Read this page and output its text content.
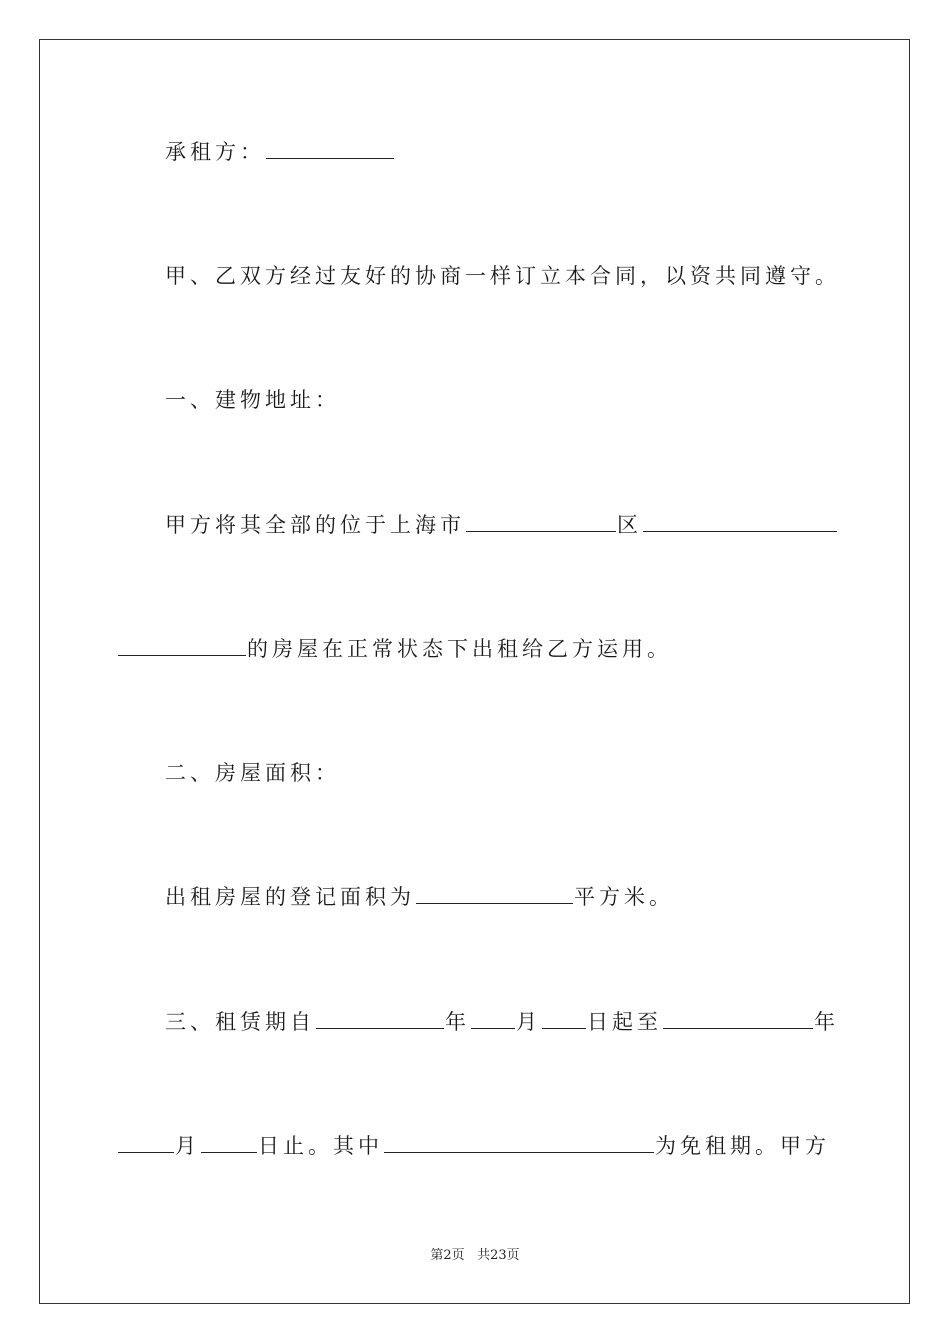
承租方：
甲、乙双方经过友好的协商一样订立本合同，以资共同遵守。
一、建物地址：
甲方将其全部的位于上海市	区
的房屋在正常状态下出租给乙方运用。
二、房屋面积：
出租房屋的登记面积为	平方米。
三、租赁期自	年 月 日起至	年
月	日止。其中	为免租期。甲方
第2页 共23页
